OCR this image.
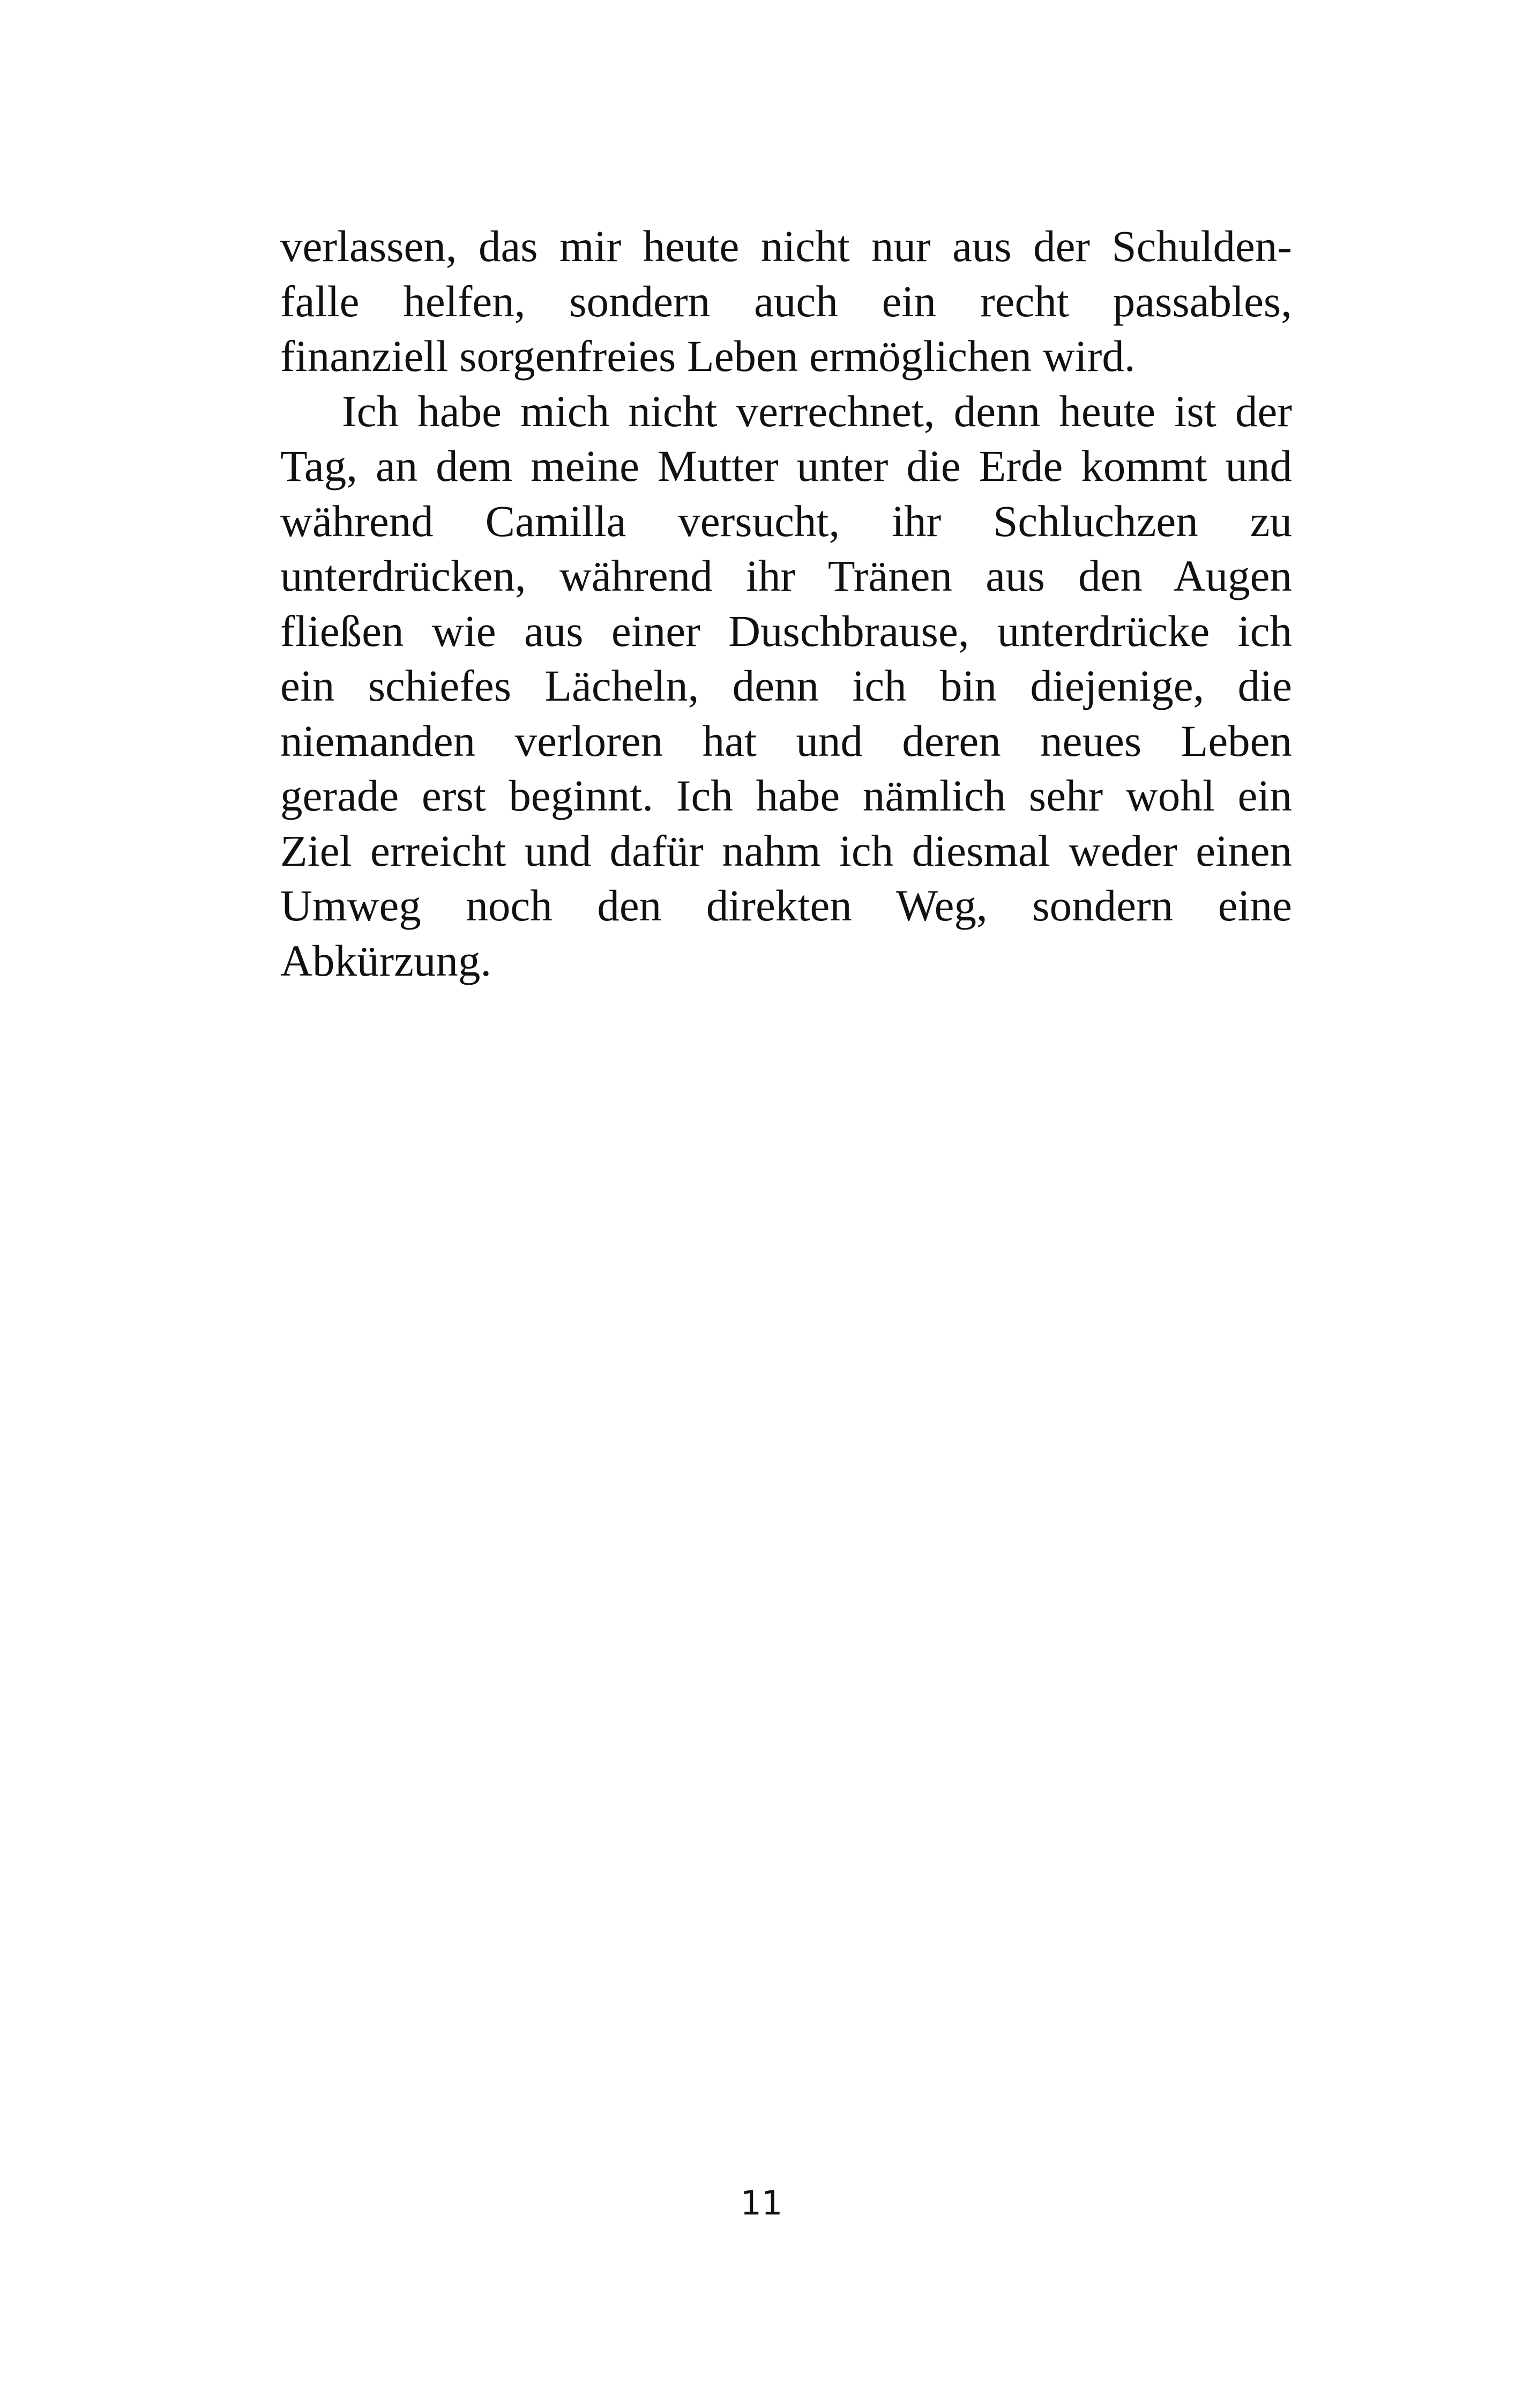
verlassen, das mir heute nicht nur aus der Schulden-
falle helfen, sondern auch ein recht passables,
finanziell sorgenfreies Leben ermöglichen wird.

Ich habe mich nicht verrechnet, denn heute ist der
Tag, an dem meine Mutter unter die Erde kommt und
während Camilla versucht, ihr Schluchzen zu
unterdrücken, während ihr Tränen aus den Augen
fließen wie aus einer Duschbrause, unterdrücke ich
ein schiefes Lächeln, denn ich bin diejenige, die
niemanden verloren hat und deren neues Leben
gerade erst beginnt. Ich habe nämlich sehr wohl ein
Ziel erreicht und dafür nahm ich diesmal weder einen
Umweg noch den direkten Weg, sondern eine
Abkürzung.

11
